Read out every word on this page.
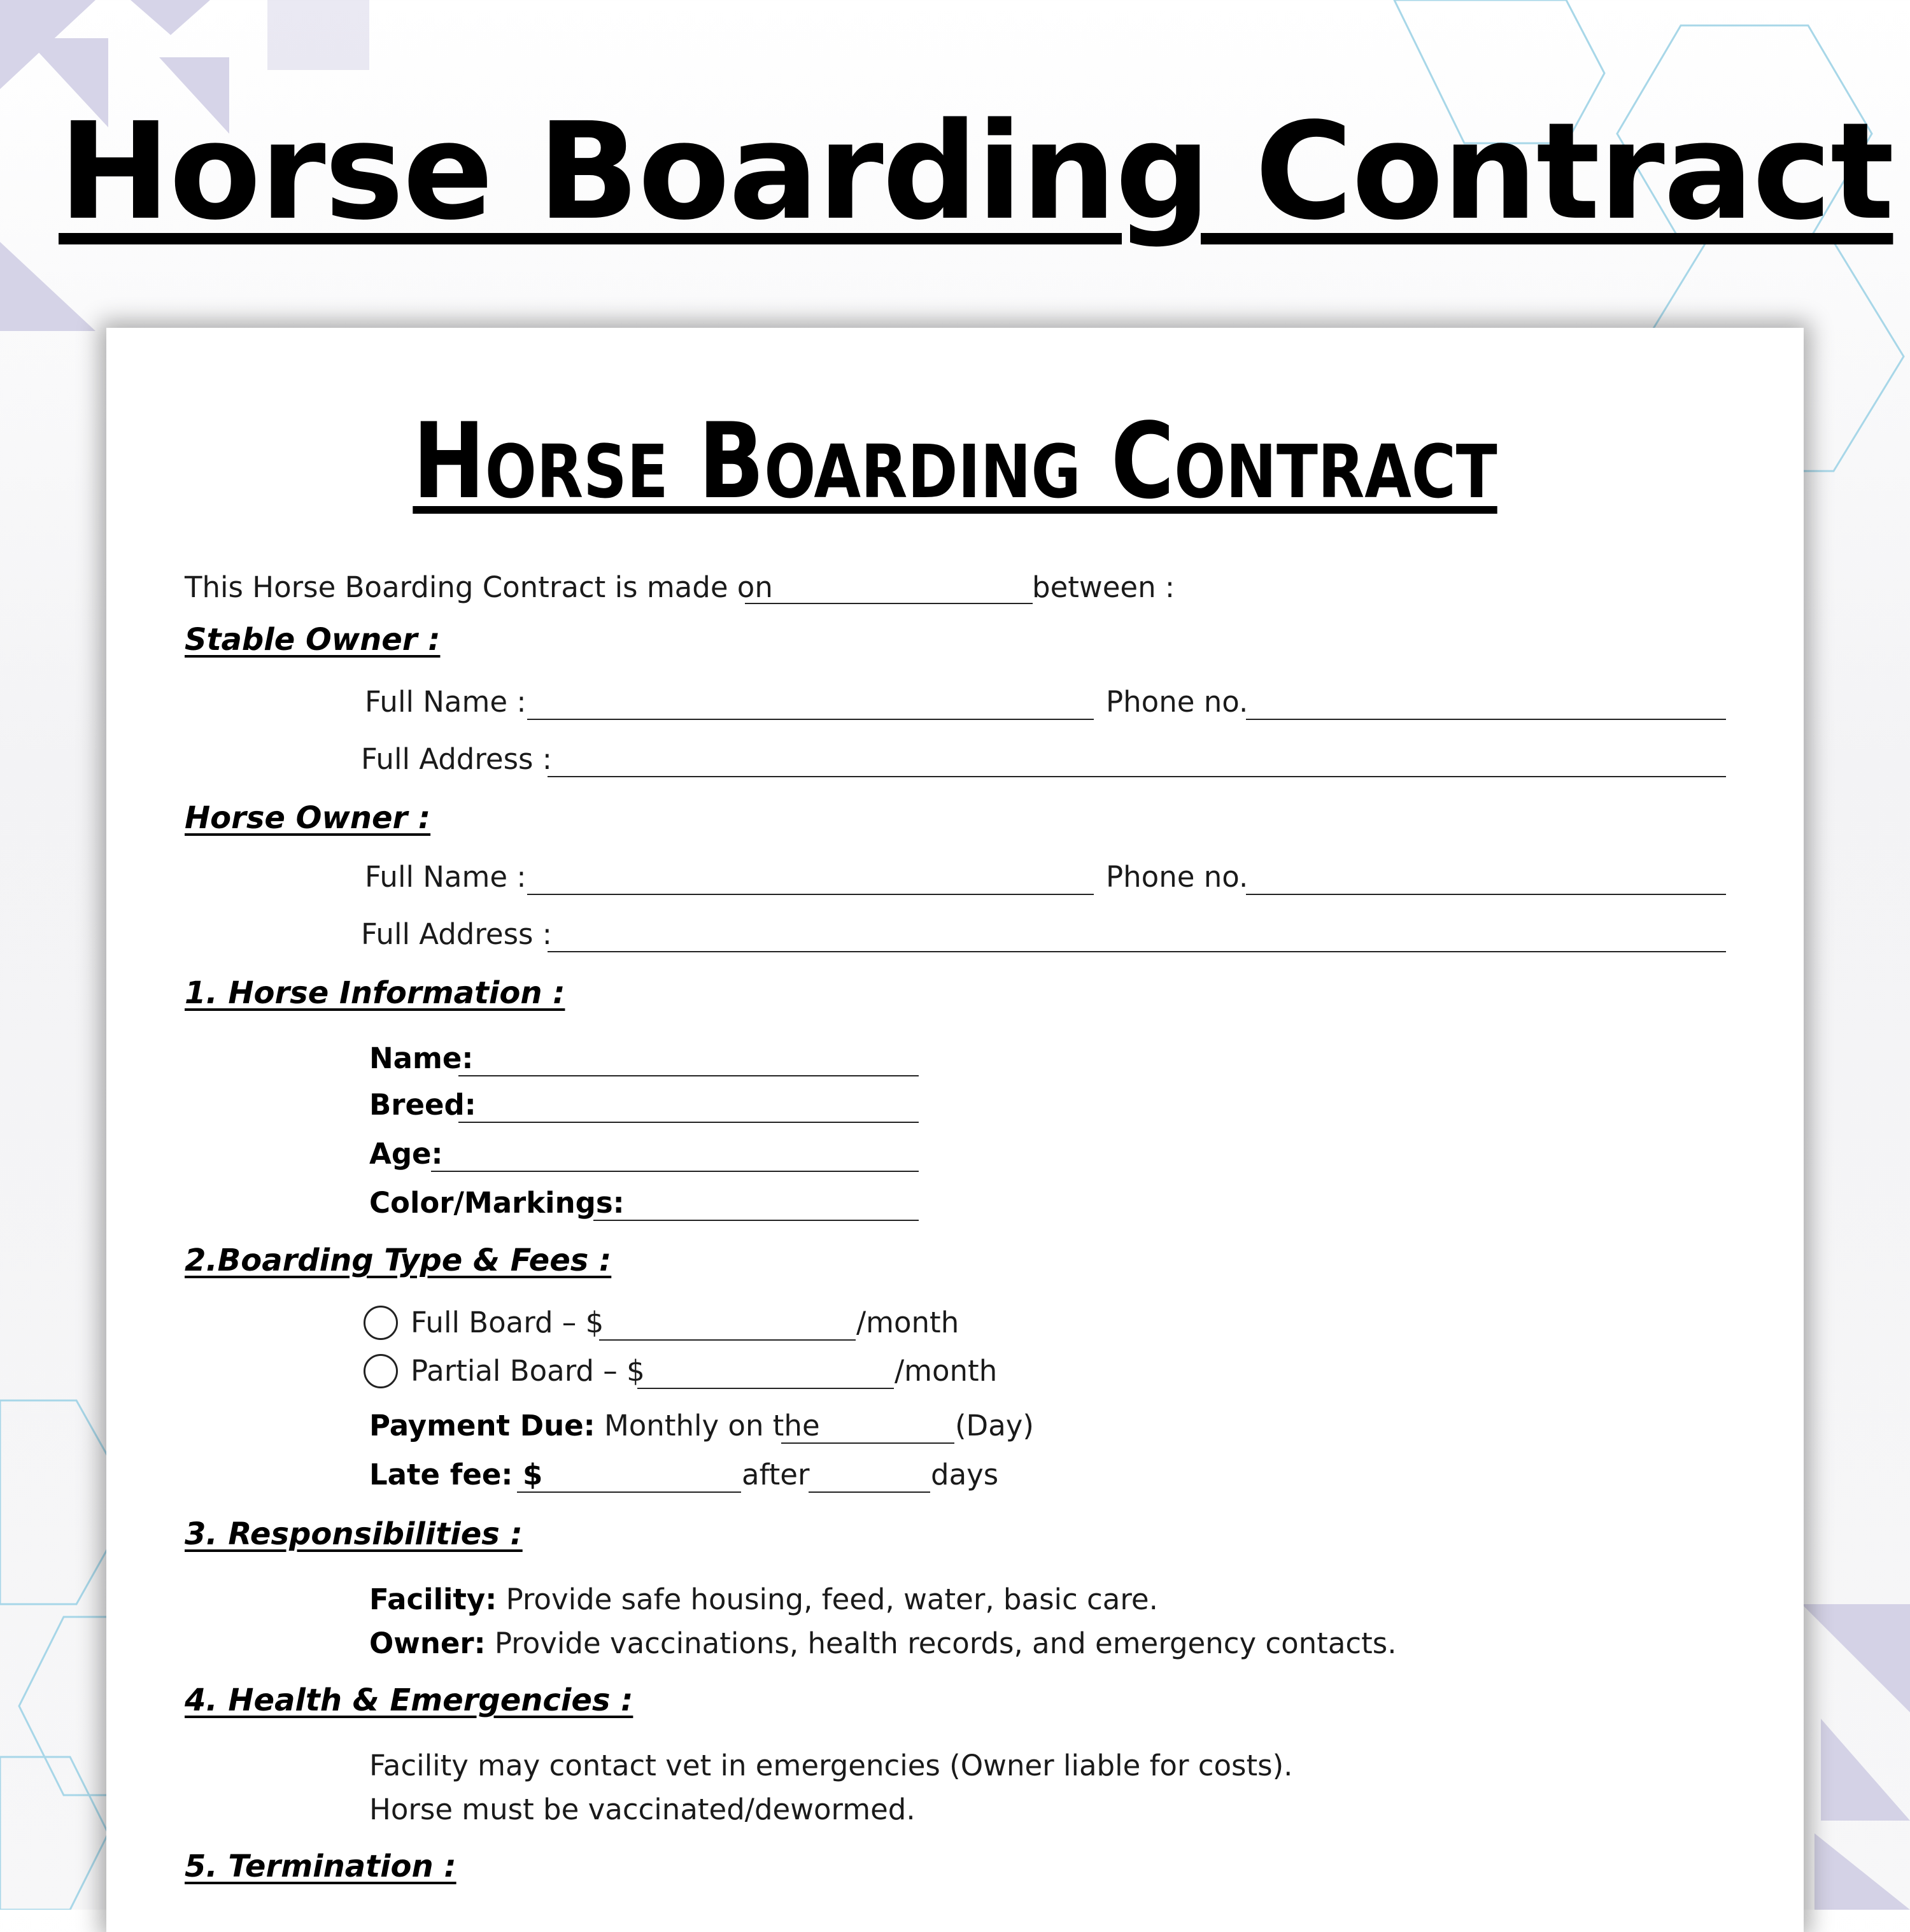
Horse Boarding Contract
Horse Boarding Contract
This Horse Boarding Contract is made on	between :
Stable Owner :
Full Name :	Phone no.
Full Address :
Horse Owner :
Full Name :	Phone no.
Full Address :
1. Horse Information :
Name:
Breed:
Age:
Color/Markings:
2.Boarding Type & Fees :
Full Board – $	/month
Partial Board – $	/month
Payment Due: Monthly on the	(Day)
Late fee: $	after	days
3. Responsibilities :
Facility: Provide safe housing, feed, water, basic care.
Owner: Provide vaccinations, health records, and emergency contacts.
4. Health & Emergencies :
Facility may contact vet in emergencies (Owner liable for costs).
Horse must be vaccinated/dewormed.
5. Termination :
